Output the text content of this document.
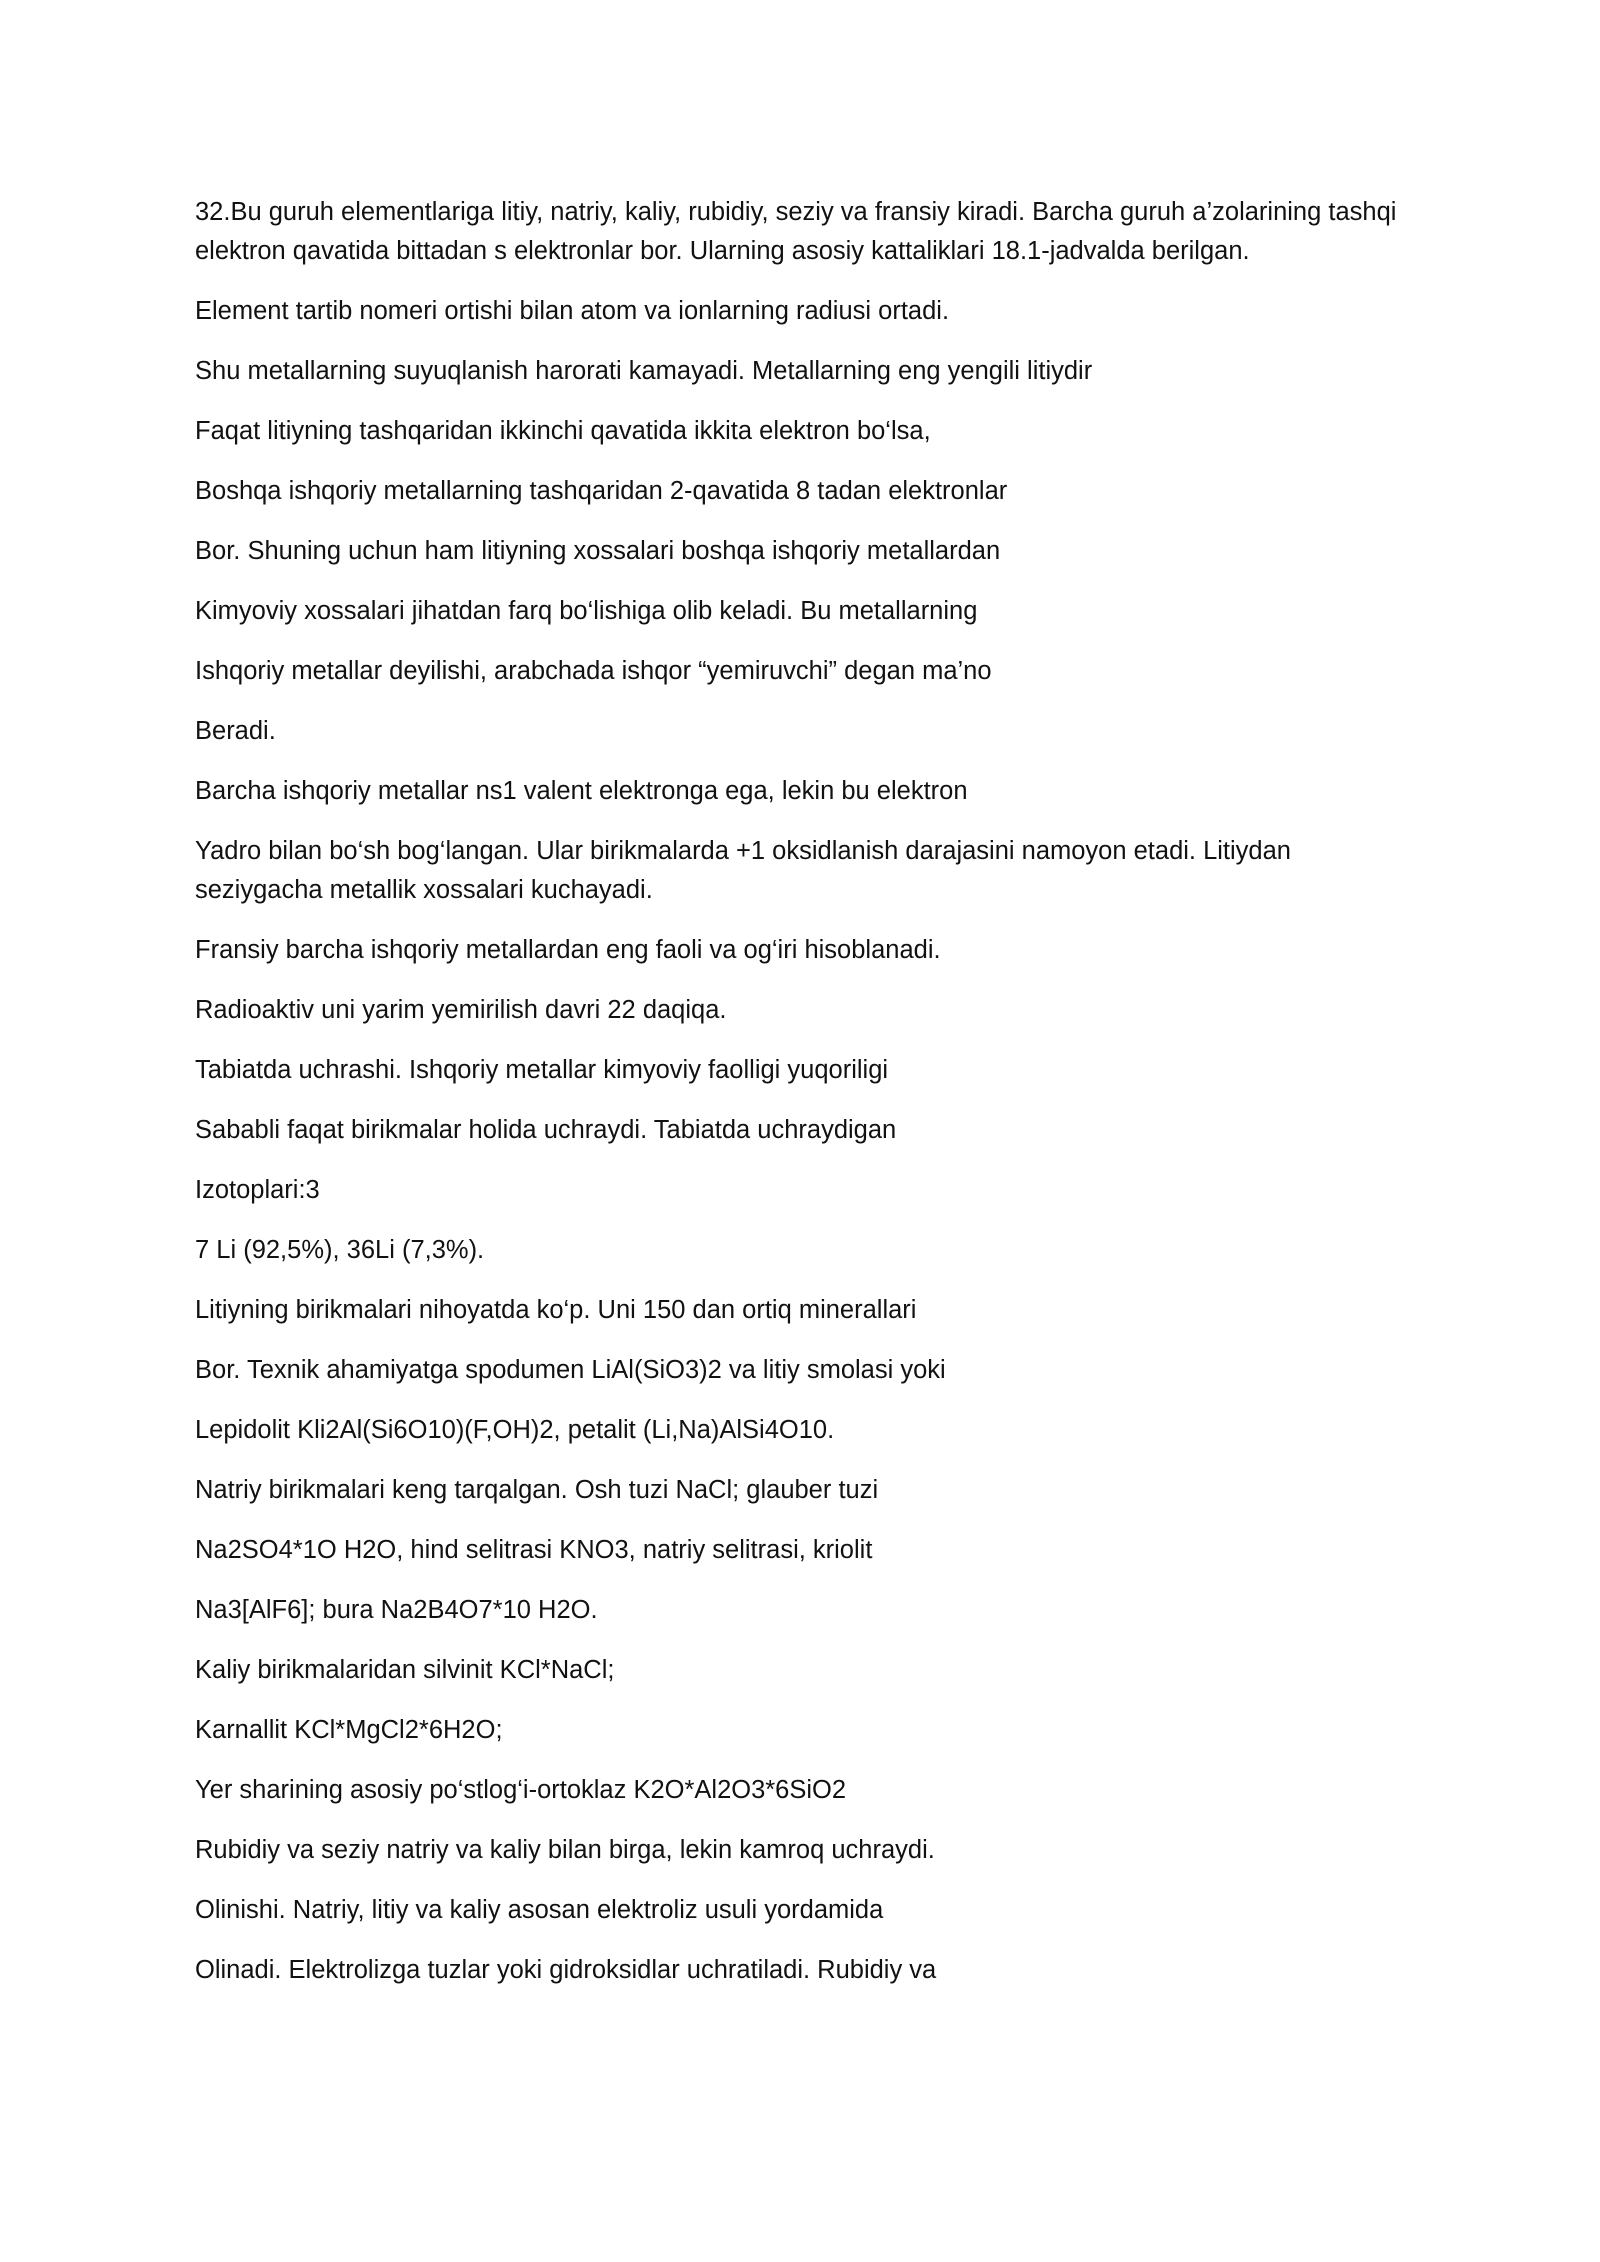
32.Bu guruh elementlariga litiy, natriy, kaliy, rubidiy, seziy va fransiy kiradi. Barcha guruh a’zolarining tashqi elektron qavatida bittadan s elektronlar bor. Ularning asosiy kattaliklari 18.1-jadvalda berilgan.

Element tartib nomeri ortishi bilan atom va ionlarning radiusi ortadi.

Shu metallarning suyuqlanish harorati kamayadi. Metallarning eng yengili litiydir

Faqat litiyning tashqaridan ikkinchi qavatida ikkita elektron bo‘lsa,

Boshqa ishqoriy metallarning tashqaridan 2-qavatida 8 tadan elektronlar

Bor. Shuning uchun ham litiyning xossalari boshqa ishqoriy metallardan

Kimyoviy xossalari jihatdan farq bo‘lishiga olib keladi. Bu metallarning

Ishqoriy metallar deyilishi, arabchada ishqor “yemiruvchi” degan ma’no

Beradi.

Barcha ishqoriy metallar ns1 valent elektronga ega, lekin bu elektron

Yadro bilan bo‘sh bog‘langan. Ular birikmalarda +1 oksidlanish darajasini namoyon etadi. Litiydan seziygacha metallik xossalari kuchayadi.

Fransiy barcha ishqoriy metallardan eng faoli va og‘iri hisoblanadi.

Radioaktiv uni yarim yemirilish davri 22 daqiqa.

Tabiatda uchrashi. Ishqoriy metallar kimyoviy faolligi yuqoriligi

Sababli faqat birikmalar holida uchraydi. Tabiatda uchraydigan

Izotoplari:3

7 Li (92,5%), 36Li (7,3%).

Litiyning birikmalari nihoyatda ko‘p. Uni 150 dan ortiq minerallari

Bor. Texnik ahamiyatga spodumen LiAl(SiO3)2 va litiy smolasi yoki

Lepidolit Kli2Al(Si6O10)(F,OH)2, petalit (Li,Na)AlSi4O10.

Natriy birikmalari keng tarqalgan. Osh tuzi NaCl; glauber tuzi

Na2SO4*1O H2O, hind selitrasi KNO3, natriy selitrasi, kriolit

Na3[AlF6]; bura Na2B4O7*10 H2O.

Kaliy birikmalaridan silvinit KCl*NaCl;

Karnallit KCl*MgCl2*6H2O;

Yer sharining asosiy po‘stlog‘i-ortoklaz K2O*Al2O3*6SiO2

Rubidiy va seziy natriy va kaliy bilan birga, lekin kamroq uchraydi.

Olinishi. Natriy, litiy va kaliy asosan elektroliz usuli yordamida

Olinadi. Elektrolizga tuzlar yoki gidroksidlar uchratiladi. Rubidiy va
